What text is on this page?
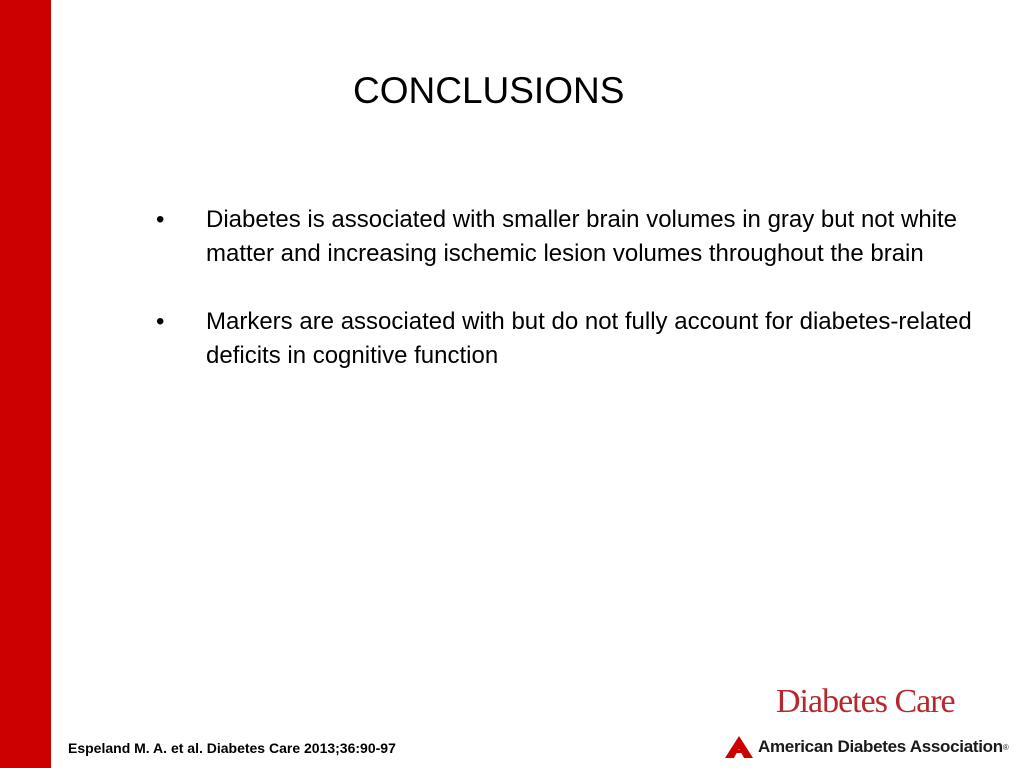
CONCLUSIONS
• Diabetes is associated with smaller brain volumes in gray but not white matter and increasing ischemic lesion volumes throughout the brain
• Markers are associated with but do not fully account for diabetes-related deficits in cognitive function
Espeland M. A. et al. Diabetes Care 2013;36:90-97
Diabetes Care
American Diabetes Association ®
